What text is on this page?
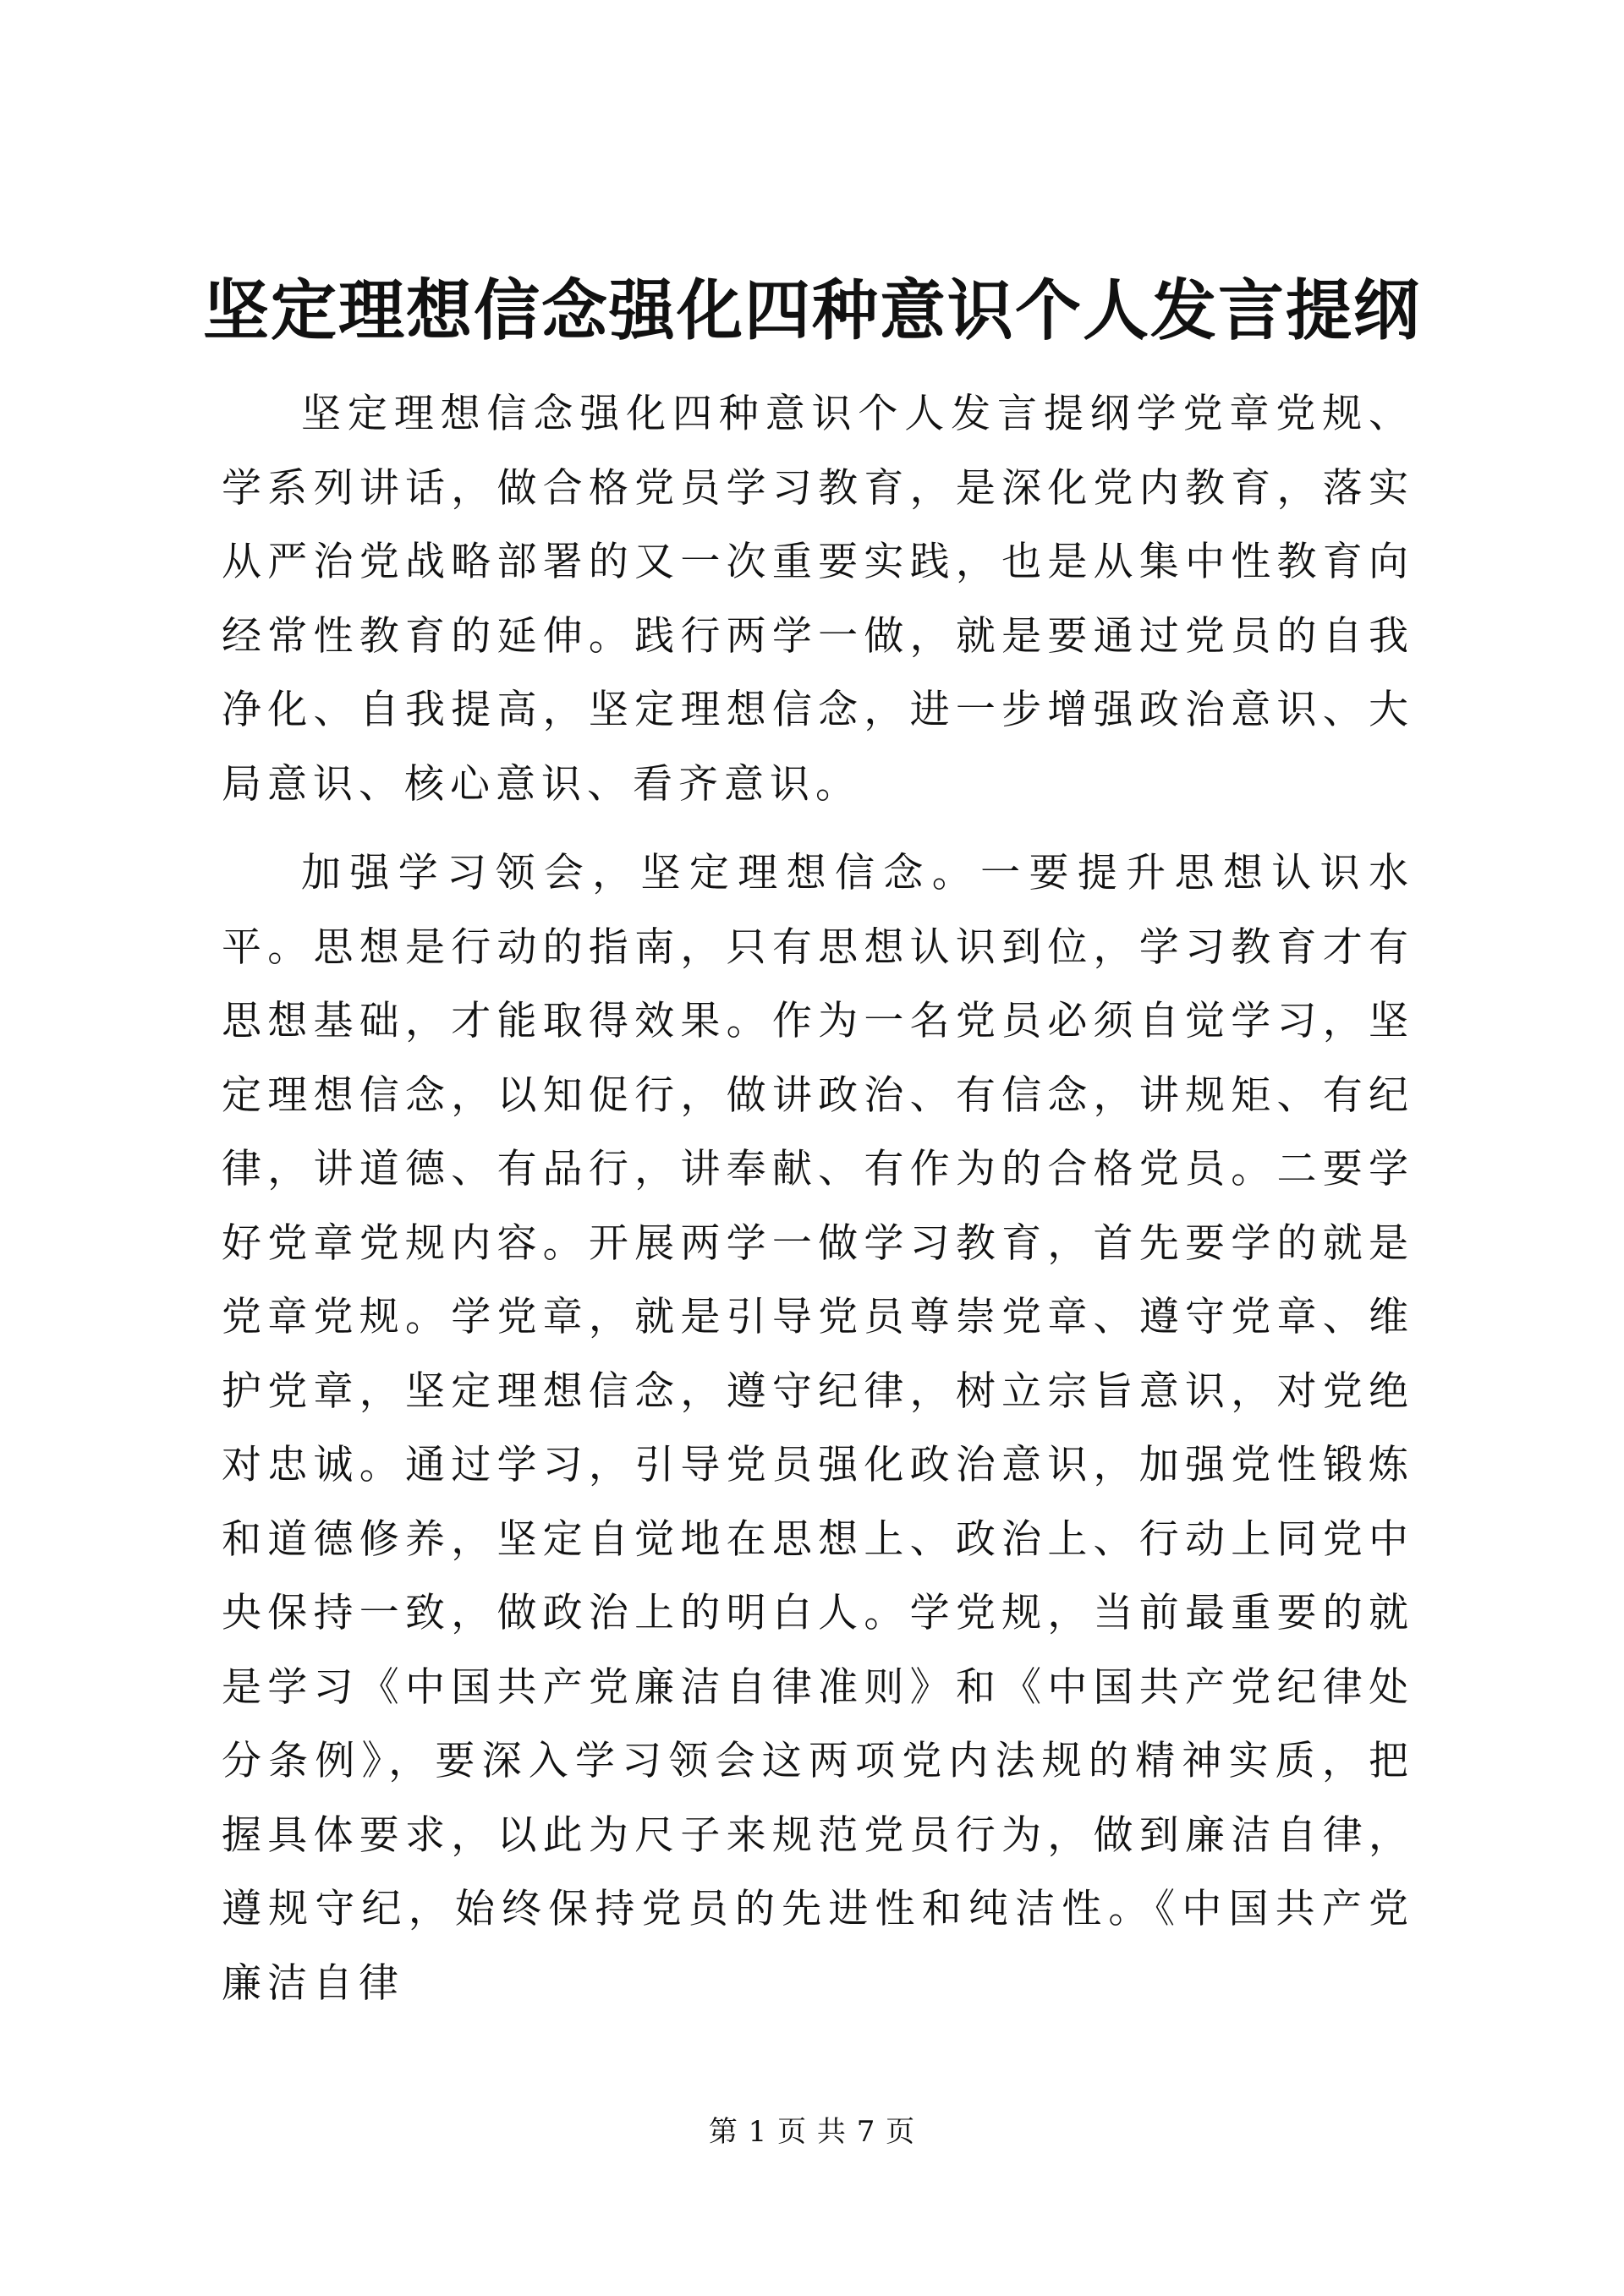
坚定理想信念强化四种意识个人发言提纲

坚定理想信念强化四种意识个人发言提纲学党章党规、学系列讲话，做合格党员学习教育，是深化党内教育，落实从严治党战略部署的又一次重要实践，也是从集中性教育向经常性教育的延伸。践行两学一做，就是要通过党员的自我净化、自我提高，坚定理想信念，进一步增强政治意识、大局意识、核心意识、看齐意识。

加强学习领会，坚定理想信念。一要提升思想认识水平。思想是行动的指南，只有思想认识到位，学习教育才有思想基础，才能取得效果。作为一名党员必须自觉学习，坚定理想信念，以知促行，做讲政治、有信念，讲规矩、有纪律，讲道德、有品行，讲奉献、有作为的合格党员。二要学好党章党规内容。开展两学一做学习教育，首先要学的就是党章党规。学党章，就是引导党员尊崇党章、遵守党章、维护党章，坚定理想信念，遵守纪律，树立宗旨意识，对党绝对忠诚。通过学习，引导党员强化政治意识，加强党性锻炼和道德修养，坚定自觉地在思想上、政治上、行动上同党中央保持一致，做政治上的明白人。学党规，当前最重要的就是学习《中国共产党廉洁自律准则》和《中国共产党纪律处分条例》，要深入学习领会这两项党内法规的精神实质，把握具体要求，以此为尺子来规范党员行为，做到廉洁自律，遵规守纪，始终保持党员的先进性和纯洁性。《中国共产党廉洁自律

第 1 页 共 7 页
